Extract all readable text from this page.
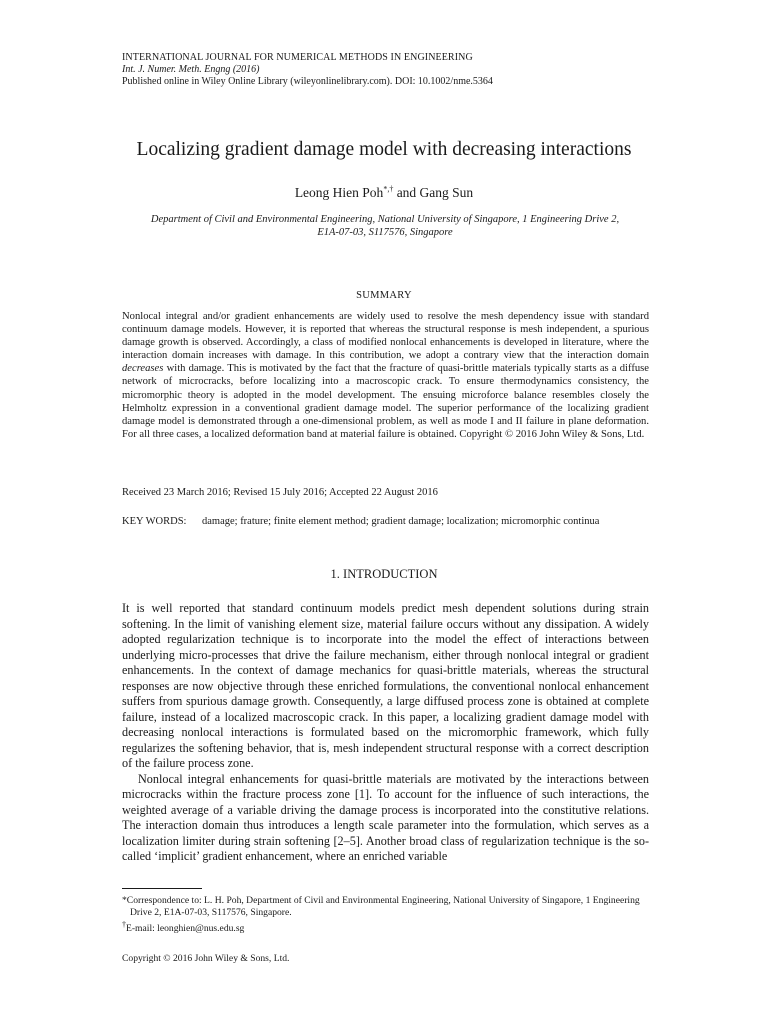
INTERNATIONAL JOURNAL FOR NUMERICAL METHODS IN ENGINEERING
Int. J. Numer. Meth. Engng (2016)
Published online in Wiley Online Library (wileyonlinelibrary.com). DOI: 10.1002/nme.5364
Localizing gradient damage model with decreasing interactions
Leong Hien Poh*,† and Gang Sun
Department of Civil and Environmental Engineering, National University of Singapore, 1 Engineering Drive 2,
E1A-07-03, S117576, Singapore
SUMMARY
Nonlocal integral and/or gradient enhancements are widely used to resolve the mesh dependency issue with standard continuum damage models. However, it is reported that whereas the structural response is mesh independent, a spurious damage growth is observed. Accordingly, a class of modified nonlocal enhancements is developed in literature, where the interaction domain increases with damage. In this contribution, we adopt a contrary view that the interaction domain decreases with damage. This is motivated by the fact that the fracture of quasi-brittle materials typically starts as a diffuse network of microcracks, before localizing into a macroscopic crack. To ensure thermodynamics consistency, the micromorphic theory is adopted in the model development. The ensuing microforce balance resembles closely the Helmholtz expression in a conventional gradient damage model. The superior performance of the localizing gradient damage model is demonstrated through a one-dimensional problem, as well as mode I and II failure in plane deformation. For all three cases, a localized deformation band at material failure is obtained. Copyright © 2016 John Wiley & Sons, Ltd.
Received 23 March 2016; Revised 15 July 2016; Accepted 22 August 2016
KEY WORDS:	damage; frature; finite element method; gradient damage; localization; micromorphic continua
1. INTRODUCTION

It is well reported that standard continuum models predict mesh dependent solutions during strain softening. In the limit of vanishing element size, material failure occurs without any dissipation. A widely adopted regularization technique is to incorporate into the model the effect of interactions between underlying micro-processes that drive the failure mechanism, either through nonlocal integral or gradient enhancements. In the context of damage mechanics for quasi-brittle materials, whereas the structural responses are now objective through these enriched formulations, the conventional nonlocal enhancement suffers from spurious damage growth. Consequently, a large diffused process zone is obtained at complete failure, instead of a localized macroscopic crack. In this paper, a localizing gradient damage model with decreasing nonlocal interactions is formulated based on the micromorphic framework, which fully regularizes the softening behavior, that is, mesh independent structural response with a correct description of the failure process zone.

Nonlocal integral enhancements for quasi-brittle materials are motivated by the interactions between microcracks within the fracture process zone [1]. To account for the influence of such interactions, the weighted average of a variable driving the damage process is incorporated into the constitutive relations. The interaction domain thus introduces a length scale parameter into the formulation, which serves as a localization limiter during strain softening [2–5]. Another broad class of regularization technique is the so-called ‘implicit’ gradient enhancement, where an enriched variable

*Correspondence to: L. H. Poh, Department of Civil and Environmental Engineering, National University of Singapore, 1 Engineering Drive 2, E1A-07-03, S117576, Singapore.
†E-mail: leonghien@nus.edu.sg
Copyright © 2016 John Wiley & Sons, Ltd.
